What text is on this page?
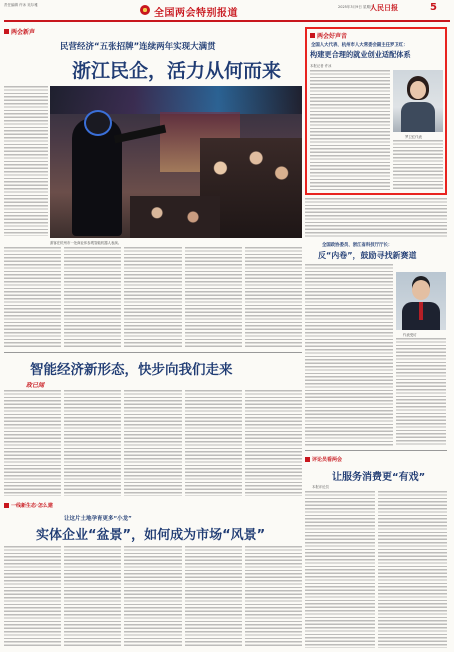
责任编辑 许冰 吴尔雅
全国两会特别报道
2025年3月9日 星期日
人民日报	5
两会新声
民营经济“五张招牌”连续两年实现大满贯
浙江民企，活力从何而来
游客在杭州市一处商业体参观智能机器人表演。
两会好声音
全国人大代表、杭州市人大常委会副主任罗卫红：
构建更合理的就业创业适配体系
本报记者 许冰
罗卫红代表
全国政协委员、浙江省科技厅厅长：
反“内卷”，鼓励寻找新赛道
代表受访
智能经济新形态，快步向我们走来
政已闻
一线新生态·怎么建
让这片土地孕育更多“小龙”
实体企业“盆景”，如何成为市场“风景”
评论员看两会
让服务消费更“有戏”
本报评论员
